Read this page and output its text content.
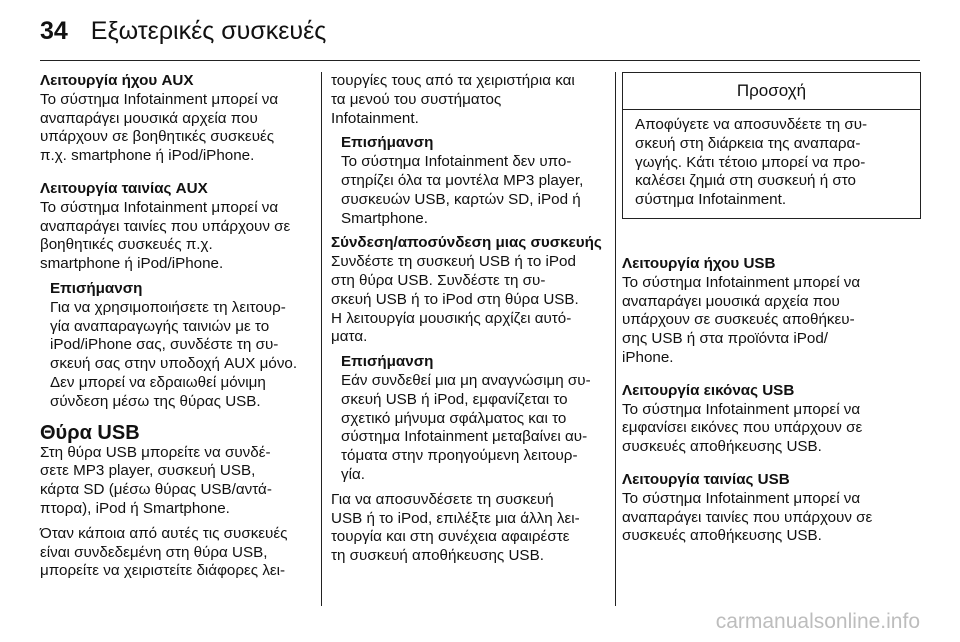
34 Εξωτερικές συσκευές
Λειτουργία ήχου AUX
Το σύστημα Infotainment μπορεί να
αναπαράγει μουσικά αρχεία που
υπάρχουν σε βοηθητικές συσκευές
π.χ. smartphone ή iPod/iPhone.
Λειτουργία ταινίας AUX
Το σύστημα Infotainment μπορεί να
αναπαράγει ταινίες που υπάρχουν σε
βοηθητικές συσκευές π.χ.
smartphone ή iPod/iPhone.
Επισήμανση
Για να χρησιμοποιήσετε τη λειτουρ-
γία αναπαραγωγής ταινιών με το
iPod/iPhone σας, συνδέστε τη συ-
σκευή σας στην υποδοχή AUX μόνο.
Δεν μπορεί να εδραιωθεί μόνιμη
σύνδεση μέσω της θύρας USB.
Θύρα USB
Στη θύρα USB μπορείτε να συνδέ-
σετε MP3 player, συσκευή USB,
κάρτα SD (μέσω θύρας USB/αντά-
πτορα), iPod ή Smartphone.
Όταν κάποια από αυτές τις συσκευές
είναι συνδεδεμένη στη θύρα USB,
μπορείτε να χειριστείτε διάφορες λει-
τουργίες τους από τα χειριστήρια και
τα μενού του συστήματος
Infotainment.
Επισήμανση
Το σύστημα Infotainment δεν υπο-
στηρίζει όλα τα μοντέλα MP3 player,
συσκευών USB, καρτών SD, iPod ή
Smartphone.
Σύνδεση/αποσύνδεση μιας συσκευής
Συνδέστε τη συσκευή USB ή το iPod
στη θύρα USB. Συνδέστε τη συ-
σκευή USB ή το iPod στη θύρα USB.
Η λειτουργία μουσικής αρχίζει αυτό-
ματα.
Επισήμανση
Εάν συνδεθεί μια μη αναγνώσιμη συ-
σκευή USB ή iPod, εμφανίζεται το
σχετικό μήνυμα σφάλματος και το
σύστημα Infotainment μεταβαίνει αυ-
τόματα στην προηγούμενη λειτουρ-
γία.
Για να αποσυνδέσετε τη συσκευή
USB ή το iPod, επιλέξτε μια άλλη λει-
τουργία και στη συνέχεια αφαιρέστε
τη συσκευή αποθήκευσης USB.
Προσοχή
Αποφύγετε να αποσυνδέετε τη συ-
σκευή στη διάρκεια της αναπαρα-
γωγής. Κάτι τέτοιο μπορεί να προ-
καλέσει ζημιά στη συσκευή ή στο
σύστημα Infotainment.
Λειτουργία ήχου USB
Το σύστημα Infotainment μπορεί να
αναπαράγει μουσικά αρχεία που
υπάρχουν σε συσκευές αποθήκευ-
σης USB ή στα προϊόντα iPod/
iPhone.
Λειτουργία εικόνας USB
Το σύστημα Infotainment μπορεί να
εμφανίσει εικόνες που υπάρχουν σε
συσκευές αποθήκευσης USB.
Λειτουργία ταινίας USB
Το σύστημα Infotainment μπορεί να
αναπαράγει ταινίες που υπάρχουν σε
συσκευές αποθήκευσης USB.
carmanualsonline.info
